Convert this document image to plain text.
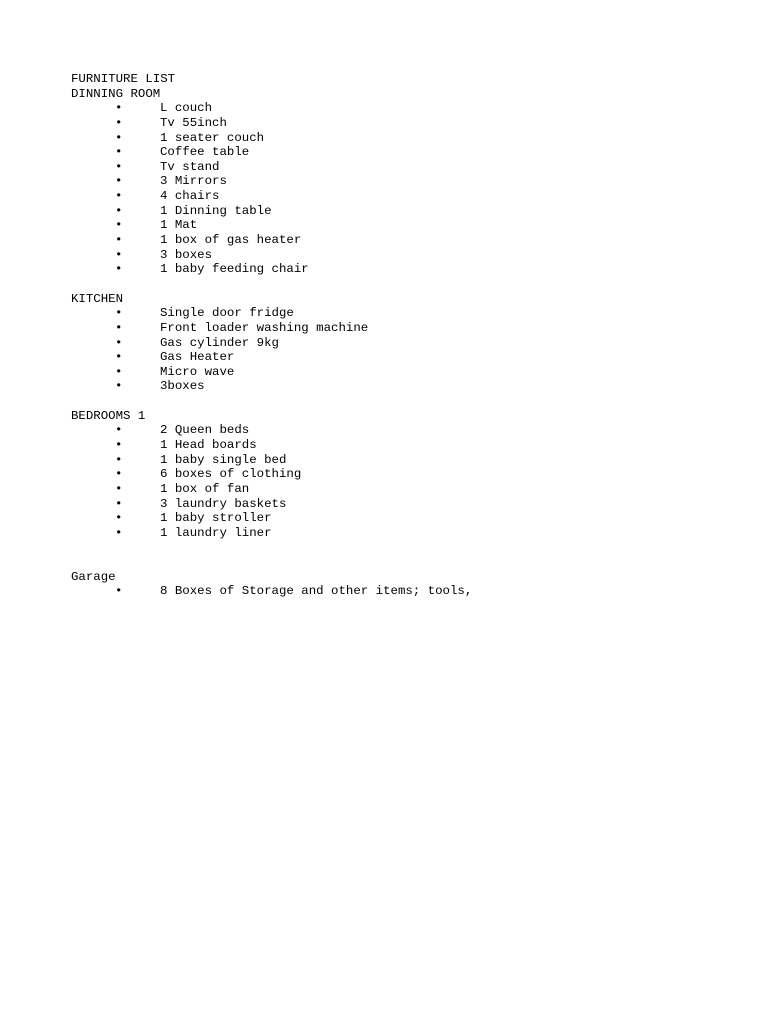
FURNITURE LIST
DINNING ROOM
•	L couch
•	Tv 55inch
•	1 seater couch
•	Coffee table
•	Tv stand
•	3 Mirrors
•	4 chairs
•	1 Dinning table
•	1 Mat
•	1 box of gas heater
•	3 boxes
•	1 baby feeding chair
KITCHEN
•	Single door fridge
•	Front loader washing machine
•	Gas cylinder 9kg
•	Gas Heater
•	Micro wave
•	3boxes
BEDROOMS 1
•	2 Queen beds
•	1 Head boards
•	1 baby single bed
•	6 boxes of clothing
•	1 box of fan
•	3 laundry baskets
•	1 baby stroller
•	1 laundry liner
Garage
•	8 Boxes of Storage and other items; tools,
